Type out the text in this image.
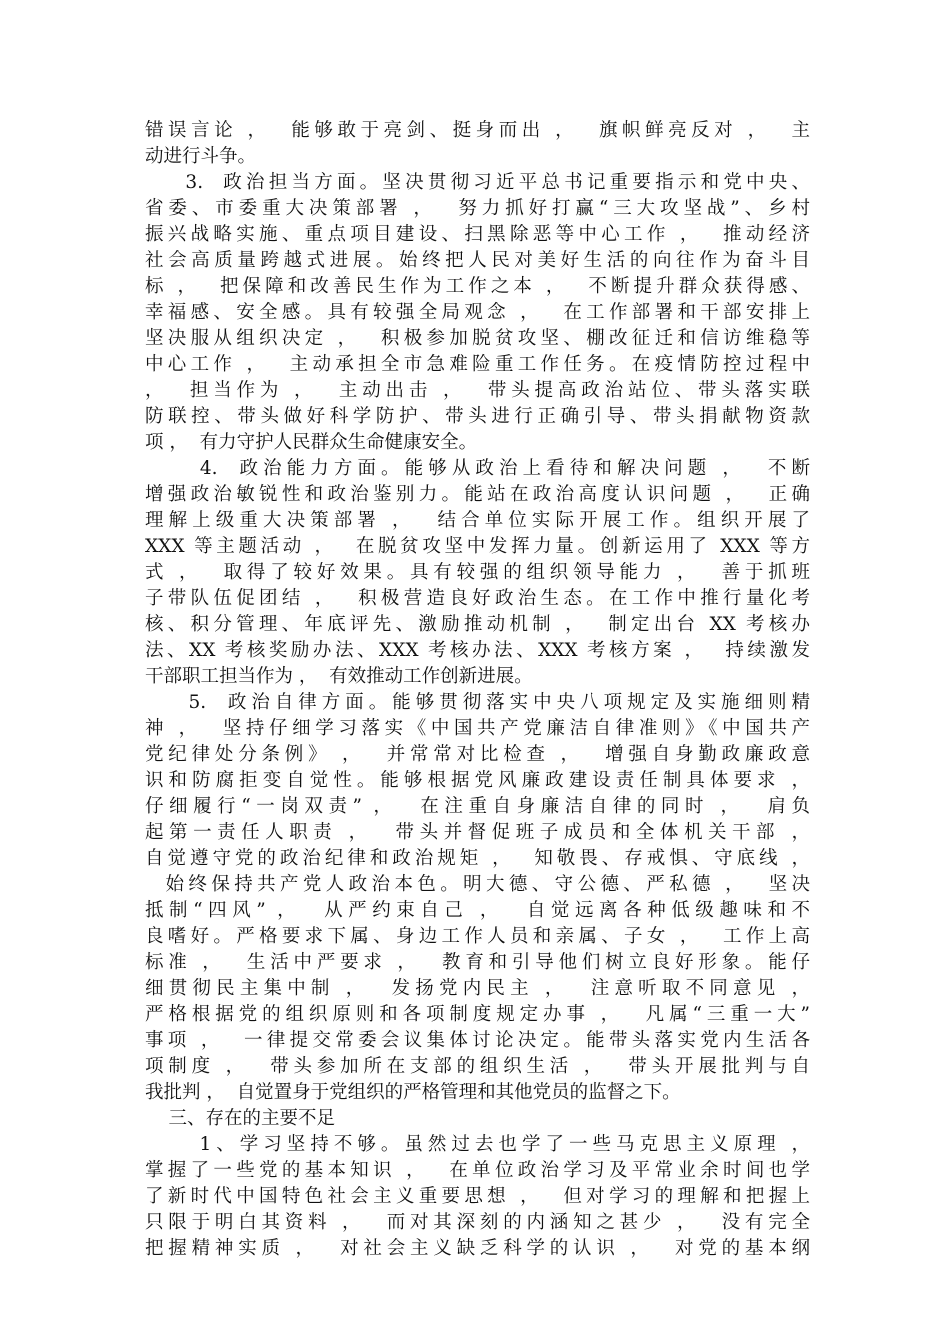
错误言论 ，  能够敢于亮剑、挺身而出 ，  旗帜鲜亮反对 ，  主
动进行斗争。
3.  政治担当方面。坚决贯彻习近平总书记重要指示和党中央、
省委、市委重大决策部署 ，  努力抓好打赢“三大攻坚战”、乡村
振兴战略实施、重点项目建设、扫黑除恶等中心工作 ，  推动经济
社会高质量跨越式进展。始终把人民对美好生活的向往作为奋斗目
标 ，  把保障和改善民生作为工作之本 ，  不断提升群众获得感、
幸福感、安全感。具有较强全局观念 ，  在工作部署和干部安排上
坚决服从组织决定 ，  积极参加脱贫攻坚、棚改征迁和信访维稳等
中心工作 ，  主动承担全市急难险重工作任务。在疫情防控过程中
，  担当作为 ，  主动出击 ，  带头提高政治站位、带头落实联
防联控、带头做好科学防护、带头进行正确引导、带头捐献物资款
项 ，  有力守护人民群众生命健康安全。
4.  政治能力方面。能够从政治上看待和解决问题 ，  不断
增强政治敏锐性和政治鉴别力。能站在政治高度认识问题 ，  正确
理解上级重大决策部署 ，  结合单位实际开展工作。组织开展了
XXX 等主题活动 ，  在脱贫攻坚中发挥力量。创新运用了 XXX 等方
式 ，  取得了较好效果。具有较强的组织领导能力 ，  善于抓班
子带队伍促团结 ，  积极营造良好政治生态。在工作中推行量化考
核、积分管理、年底评先、激励推动机制 ，  制定出台 XX 考核办
法、XX 考核奖励办法、XXX 考核办法、XXX 考核方案 ，  持续激发
干部职工担当作为 ，  有效推动工作创新进展。
5.  政治自律方面。能够贯彻落实中央八项规定及实施细则精
神 ，  坚持仔细学习落实《中国共产党廉洁自律准则》《中国共产
党纪律处分条例》 ，  并常常对比检查 ，  增强自身勤政廉政意
识和防腐拒变自觉性。能够根据党风廉政建设责任制具体要求 ，
仔细履行“一岗双责” ，  在注重自身廉洁自律的同时 ，  肩负
起第一责任人职责 ，  带头并督促班子成员和全体机关干部 ，
自觉遵守党的政治纪律和政治规矩 ，  知敬畏、存戒惧、守底线 ，
始终保持共产党人政治本色。明大德、守公德、严私德 ，  坚决
抵制“四风” ，  从严约束自己 ，  自觉远离各种低级趣味和不
良嗜好。严格要求下属、身边工作人员和亲属、子女 ，  工作上高
标准 ，  生活中严要求 ，  教育和引导他们树立良好形象。能仔
细贯彻民主集中制 ，  发扬党内民主 ，  注意听取不同意见 ，
严格根据党的组织原则和各项制度规定办事 ，  凡属“三重一大”
事项 ，  一律提交常委会议集体讨论决定。能带头落实党内生活各
项制度 ，  带头参加所在支部的组织生活 ，  带头开展批判与自
我批判 ，  自觉置身于党组织的严格管理和其他党员的监督之下。
三、存在的主要不足
1、学习坚持不够。虽然过去也学了一些马克思主义原理 ，
掌握了一些党的基本知识 ，  在单位政治学习及平常业余时间也学
了新时代中国特色社会主义重要思想 ，  但对学习的理解和把握上
只限于明白其资料 ，  而对其深刻的内涵知之甚少 ，  没有完全
把握精神实质 ，  对社会主义缺乏科学的认识 ，  对党的基本纲
